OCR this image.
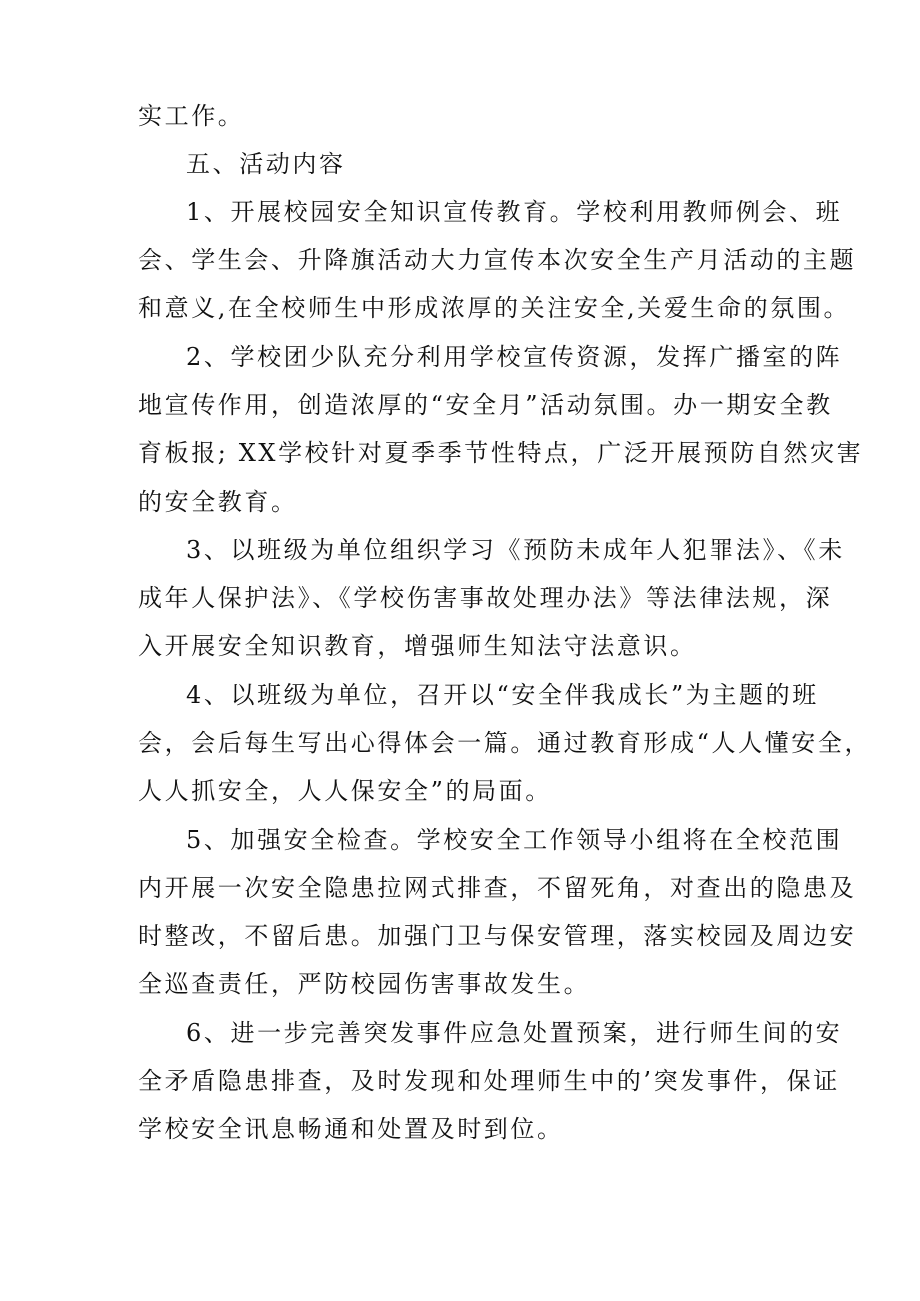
实工作。
五、活动内容
1、开展校园安全知识宣传教育。学校利用教师例会、班
会、学生会、升降旗活动大力宣传本次安全生产月活动的主题
和意义,在全校师生中形成浓厚的关注安全,关爱生命的氛围。
2、学校团少队充分利用学校宣传资源，发挥广播室的阵
地宣传作用，创造浓厚的“安全月”活动氛围。办一期安全教
育板报; XX学校针对夏季季节性特点，广泛开展预防自然灾害
的安全教育。
3、以班级为单位组织学习《预防未成年人犯罪法》、《未
成年人保护法》、《学校伤害事故处理办法》等法律法规，深
入开展安全知识教育，增强师生知法守法意识。
4、以班级为单位，召开以“安全伴我成长”为主题的班
会，会后每生写出心得体会一篇。通过教育形成“人人懂安全，
人人抓安全，人人保安全”的局面。
5、加强安全检查。学校安全工作领导小组将在全校范围
内开展一次安全隐患拉网式排查，不留死角，对查出的隐患及
时整改，不留后患。加强门卫与保安管理，落实校园及周边安
全巡查责任，严防校园伤害事故发生。
6、进一步完善突发事件应急处置预案，进行师生间的安
全矛盾隐患排查，及时发现和处理师生中的’突发事件，保证
学校安全讯息畅通和处置及时到位。
